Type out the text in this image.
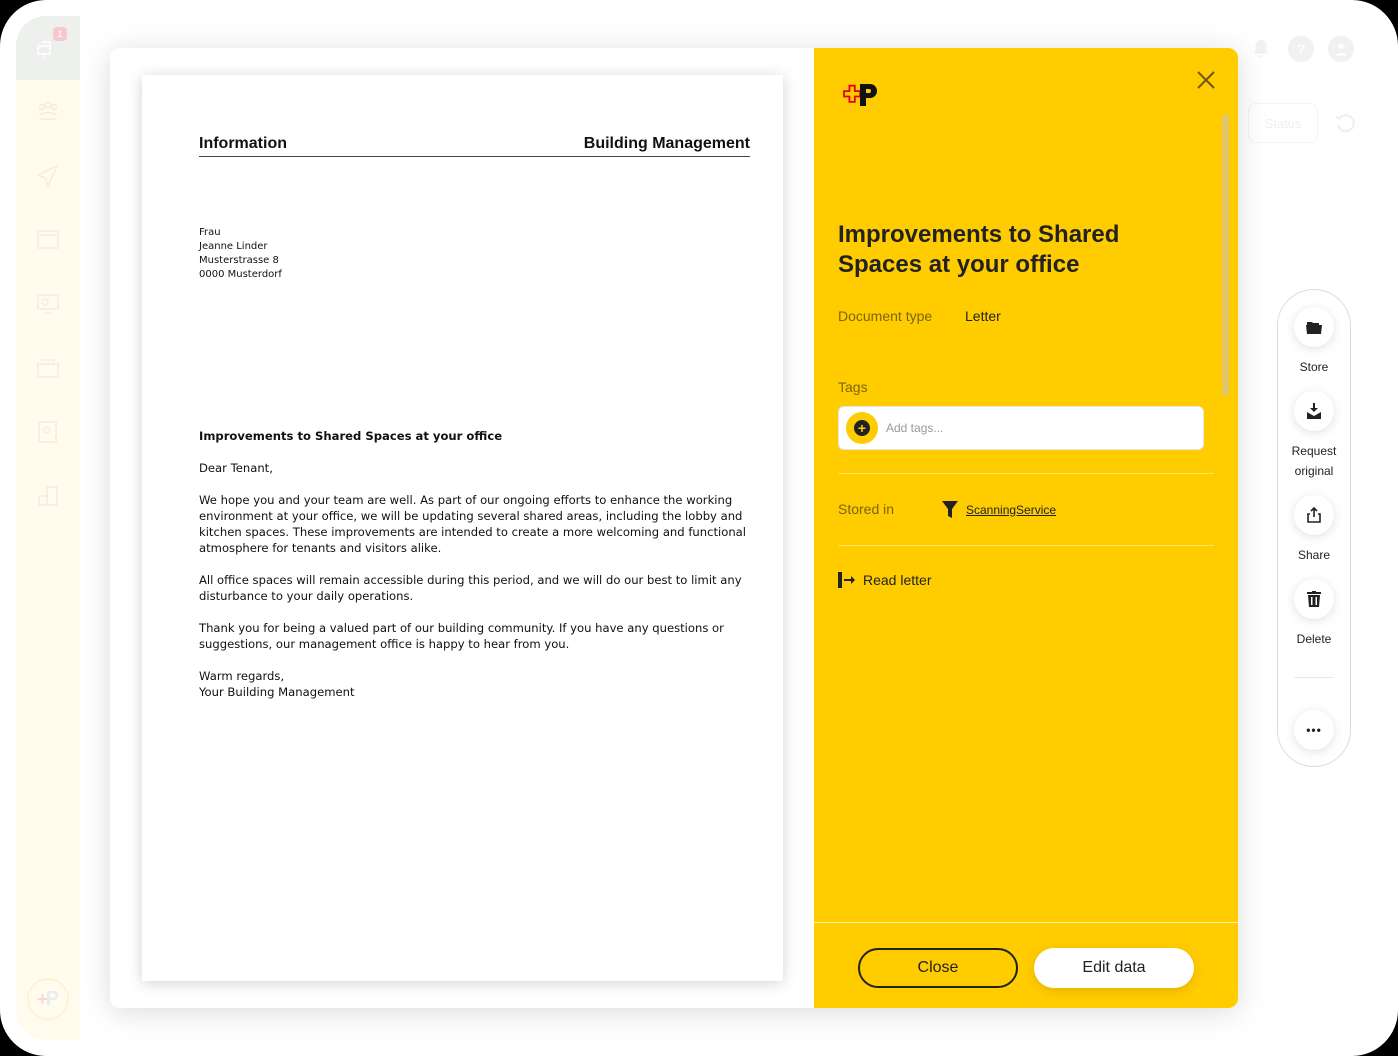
1
+
P
?
Status
Information	Building Management
Frau
Jeanne Linder
Musterstrasse 8
0000 Musterdorf
Improvements to Shared Spaces at your office

Dear Tenant,

We hope you and your team are well. As part of our ongoing efforts to enhance the working environment at your office, we will be updating several shared areas, including the lobby and kitchen spaces. These improvements are intended to create a more welcoming and functional atmosphere for tenants and visitors alike.

All office spaces will remain accessible during this period, and we will do our best to limit any disturbance to your daily operations.

Thank you for being a valued part of our building community. If you have any questions or suggestions, our management office is happy to hear from you.

Warm regards,
Your Building Management
Improvements to Shared Spaces at your office
Document type Letter
Tags
+
Add tags...
Stored in	ScanningService
Read letter
Close	Edit data
Store
Request original
Share
Delete
•••
